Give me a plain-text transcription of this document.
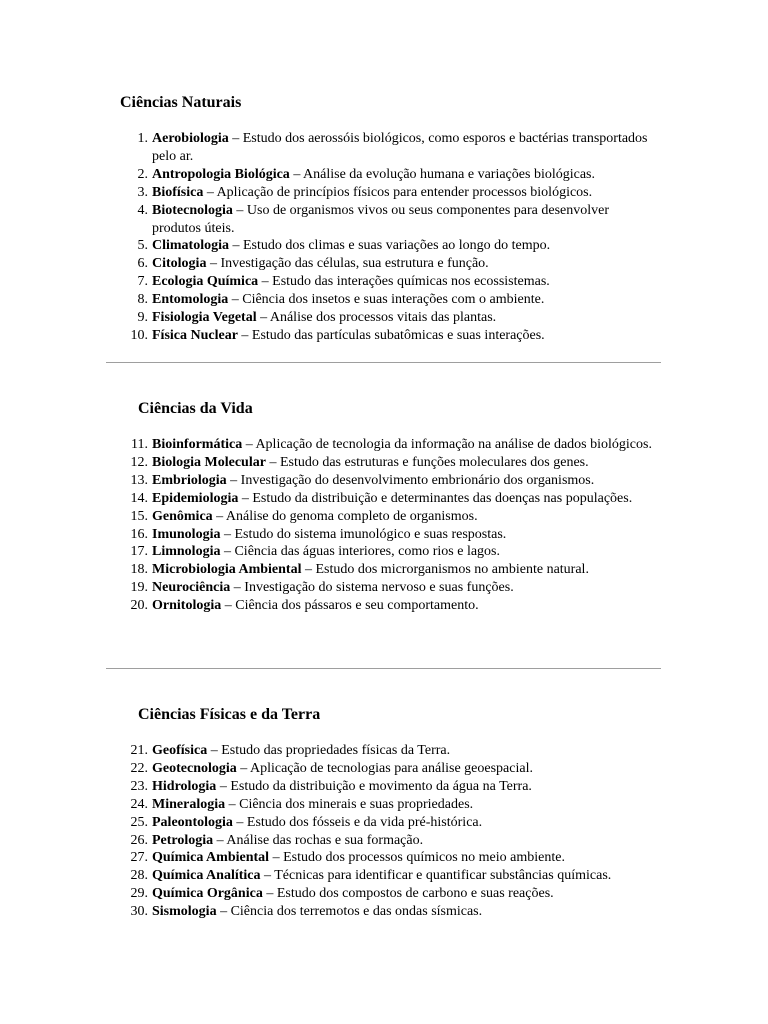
Ciências Naturais
1. Aerobiologia – Estudo dos aerossóis biológicos, como esporos e bactérias transportados pelo ar.
2. Antropologia Biológica – Análise da evolução humana e variações biológicas.
3. Biofísica – Aplicação de princípios físicos para entender processos biológicos.
4. Biotecnologia – Uso de organismos vivos ou seus componentes para desenvolver produtos úteis.
5. Climatologia – Estudo dos climas e suas variações ao longo do tempo.
6. Citologia – Investigação das células, sua estrutura e função.
7. Ecologia Química – Estudo das interações químicas nos ecossistemas.
8. Entomologia – Ciência dos insetos e suas interações com o ambiente.
9. Fisiologia Vegetal – Análise dos processos vitais das plantas.
10. Física Nuclear – Estudo das partículas subatômicas e suas interações.
Ciências da Vida
11. Bioinformática – Aplicação de tecnologia da informação na análise de dados biológicos.
12. Biologia Molecular – Estudo das estruturas e funções moleculares dos genes.
13. Embriologia – Investigação do desenvolvimento embrionário dos organismos.
14. Epidemiologia – Estudo da distribuição e determinantes das doenças nas populações.
15. Genômica – Análise do genoma completo de organismos.
16. Imunologia – Estudo do sistema imunológico e suas respostas.
17. Limnologia – Ciência das águas interiores, como rios e lagos.
18. Microbiologia Ambiental – Estudo dos microrganismos no ambiente natural.
19. Neurociência – Investigação do sistema nervoso e suas funções.
20. Ornitologia – Ciência dos pássaros e seu comportamento.
Ciências Físicas e da Terra
21. Geofísica – Estudo das propriedades físicas da Terra.
22. Geotecnologia – Aplicação de tecnologias para análise geoespacial.
23. Hidrologia – Estudo da distribuição e movimento da água na Terra.
24. Mineralogia – Ciência dos minerais e suas propriedades.
25. Paleontologia – Estudo dos fósseis e da vida pré-histórica.
26. Petrologia – Análise das rochas e sua formação.
27. Química Ambiental – Estudo dos processos químicos no meio ambiente.
28. Química Analítica – Técnicas para identificar e quantificar substâncias químicas.
29. Química Orgânica – Estudo dos compostos de carbono e suas reações.
30. Sismologia – Ciência dos terremotos e das ondas sísmicas.
